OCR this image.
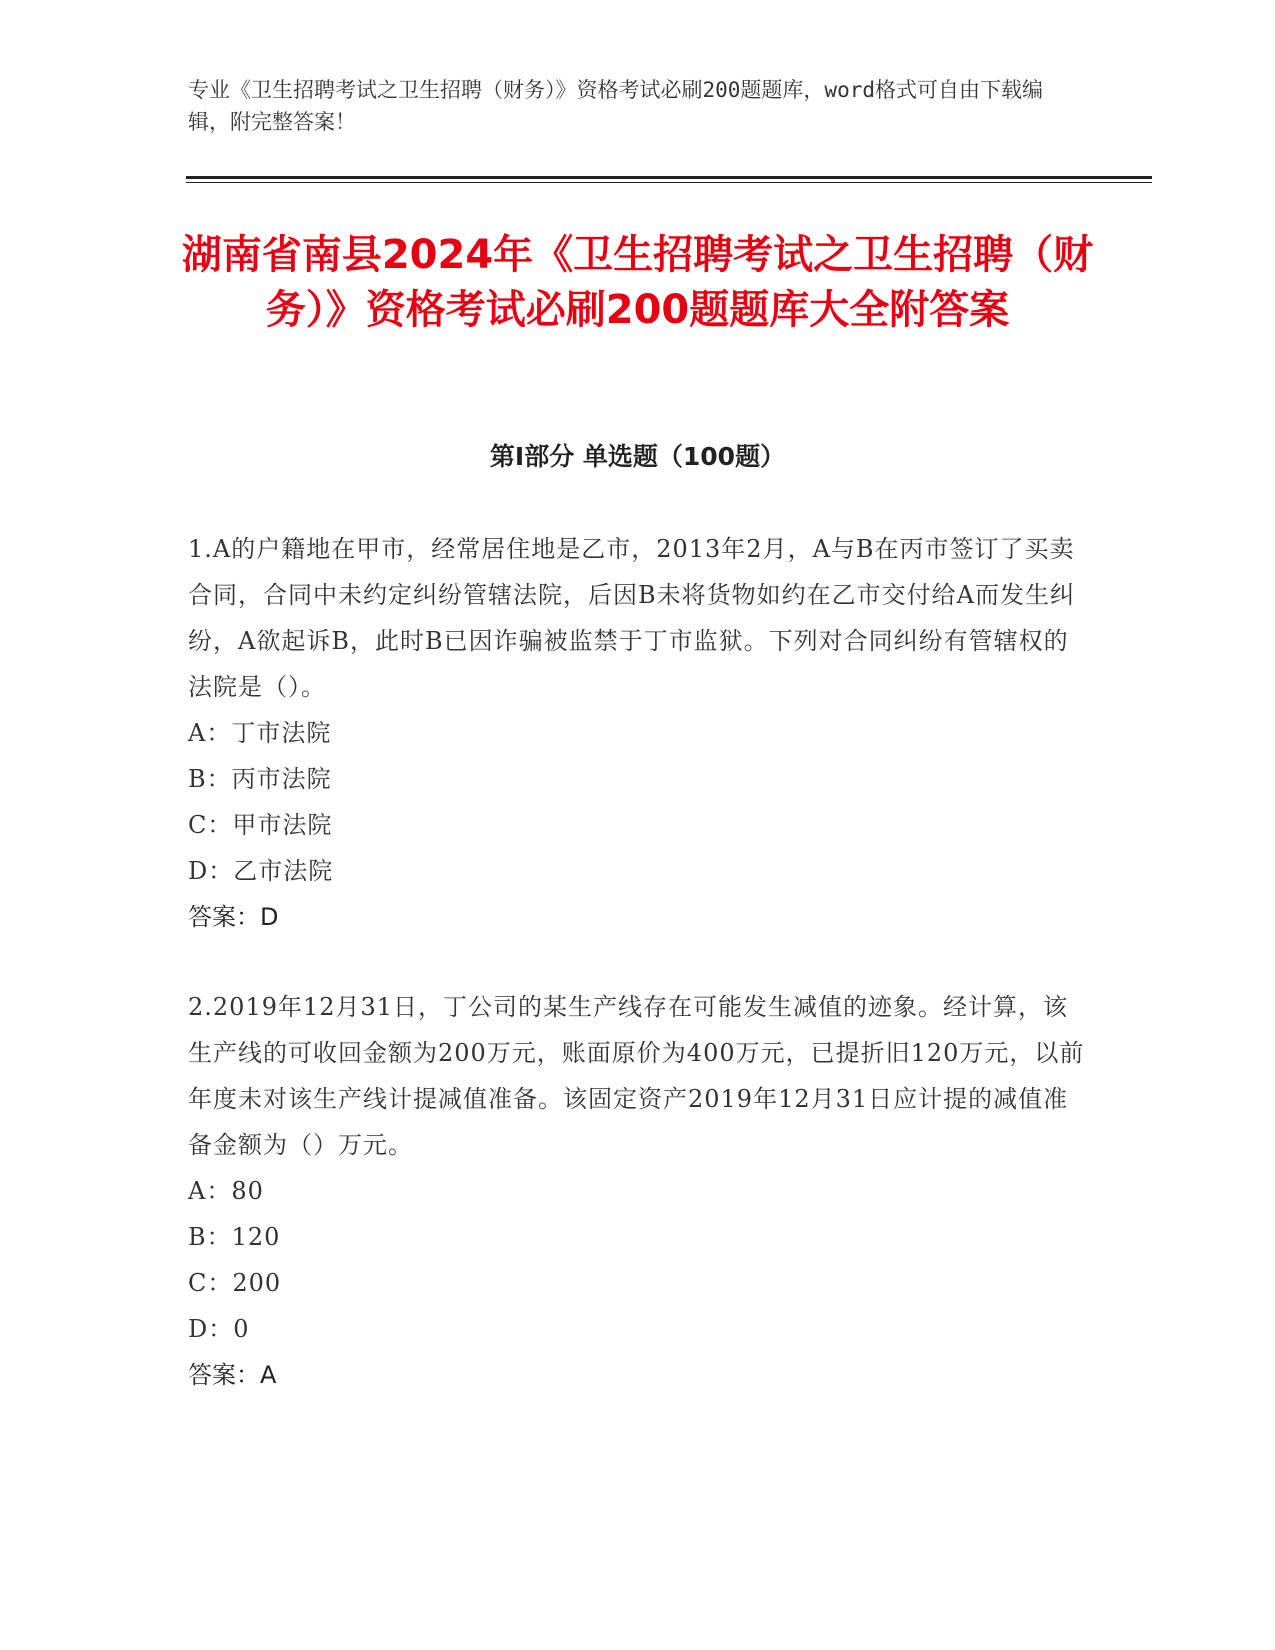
专业《卫生招聘考试之卫生招聘（财务）》资格考试必刷200题题库，word格式可自由下载编辑，附完整答案！
湖南省南县2024年《卫生招聘考试之卫生招聘（财务）》资格考试必刷200题题库大全附答案
第Ⅰ部分 单选题（100题）

1.A的户籍地在甲市，经常居住地是乙市，2013年2月，A与B在丙市签订了买卖合同，合同中未约定纠纷管辖法院，后因B未将货物如约在乙市交付给A而发生纠纷，A欲起诉B，此时B已因诈骗被监禁于丁市监狱。下列对合同纠纷有管辖权的法院是（）。

A：丁市法院

B：丙市法院

C：甲市法院

D：乙市法院

答案：D

2.2019年12月31日，丁公司的某生产线存在可能发生减值的迹象。经计算，该生产线的可收回金额为200万元，账面原价为400万元，已提折旧120万元，以前年度未对该生产线计提减值准备。该固定资产2019年12月31日应计提的减值准备金额为（）万元。

A：80

B：120

C：200

D：0

答案：A
